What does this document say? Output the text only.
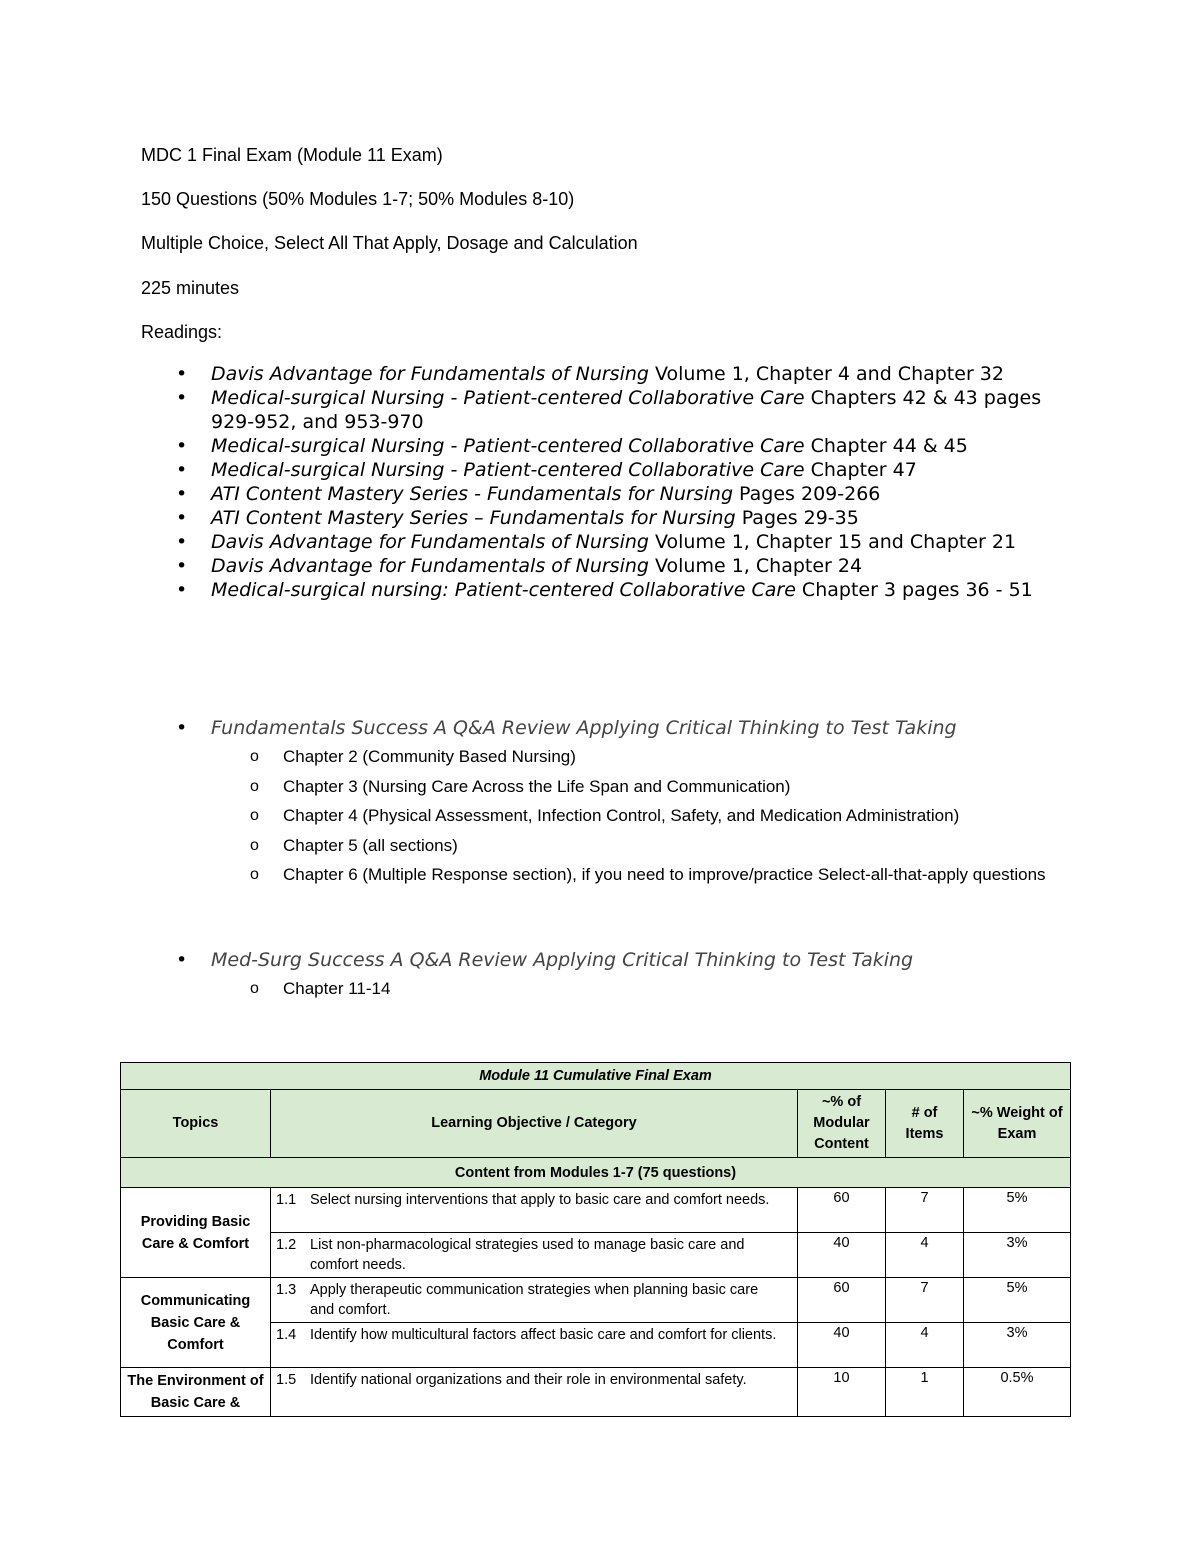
MDC 1 Final Exam (Module 11 Exam)
150 Questions (50% Modules 1-7; 50% Modules 8-10)
Multiple Choice, Select All That Apply, Dosage and Calculation
225 minutes
Readings:
• Davis Advantage for Fundamentals of Nursing Volume 1, Chapter 4 and Chapter 32
• Medical-surgical Nursing - Patient-centered Collaborative Care Chapters 42 & 43 pages 929-952, and 953-970
• Medical-surgical Nursing - Patient-centered Collaborative Care Chapter 44 & 45
• Medical-surgical Nursing - Patient-centered Collaborative Care Chapter 47
• ATI Content Mastery Series - Fundamentals for Nursing Pages 209-266
• ATI Content Mastery Series – Fundamentals for Nursing Pages 29-35
• Davis Advantage for Fundamentals of Nursing Volume 1, Chapter 15 and Chapter 21
• Davis Advantage for Fundamentals of Nursing Volume 1, Chapter 24
• Medical-surgical nursing: Patient-centered Collaborative Care Chapter 3 pages 36 - 51
• Fundamentals Success A Q&A Review Applying Critical Thinking to Test Taking
o Chapter 2 (Community Based Nursing)
o Chapter 3 (Nursing Care Across the Life Span and Communication)
o Chapter 4 (Physical Assessment, Infection Control, Safety, and Medication Administration)
o Chapter 5 (all sections)
o Chapter 6 (Multiple Response section), if you need to improve/practice Select-all-that-apply questions
• Med-Surg Success A Q&A Review Applying Critical Thinking to Test Taking
o Chapter 11-14
Module 11 Cumulative Final Exam				
Topics	Learning Objective / Category	~% of Modular Content	# of Items	~% Weight of Exam
Content from Modules 1-7 (75 questions)				
Providing Basic Care & Comfort	1.1 Select nursing interventions that apply to basic care and comfort needs.	60	7	5%
	1.2 List non-pharmacological strategies used to manage basic care and comfort needs.	40	4	3%
Communicating Basic Care & Comfort	1.3 Apply therapeutic communication strategies when planning basic care and comfort.	60	7	5%
	1.4 Identify how multicultural factors affect basic care and comfort for clients.	40	4	3%
The Environment of Basic Care &	1.5 Identify national organizations and their role in environmental safety.	10	1	0.5%
